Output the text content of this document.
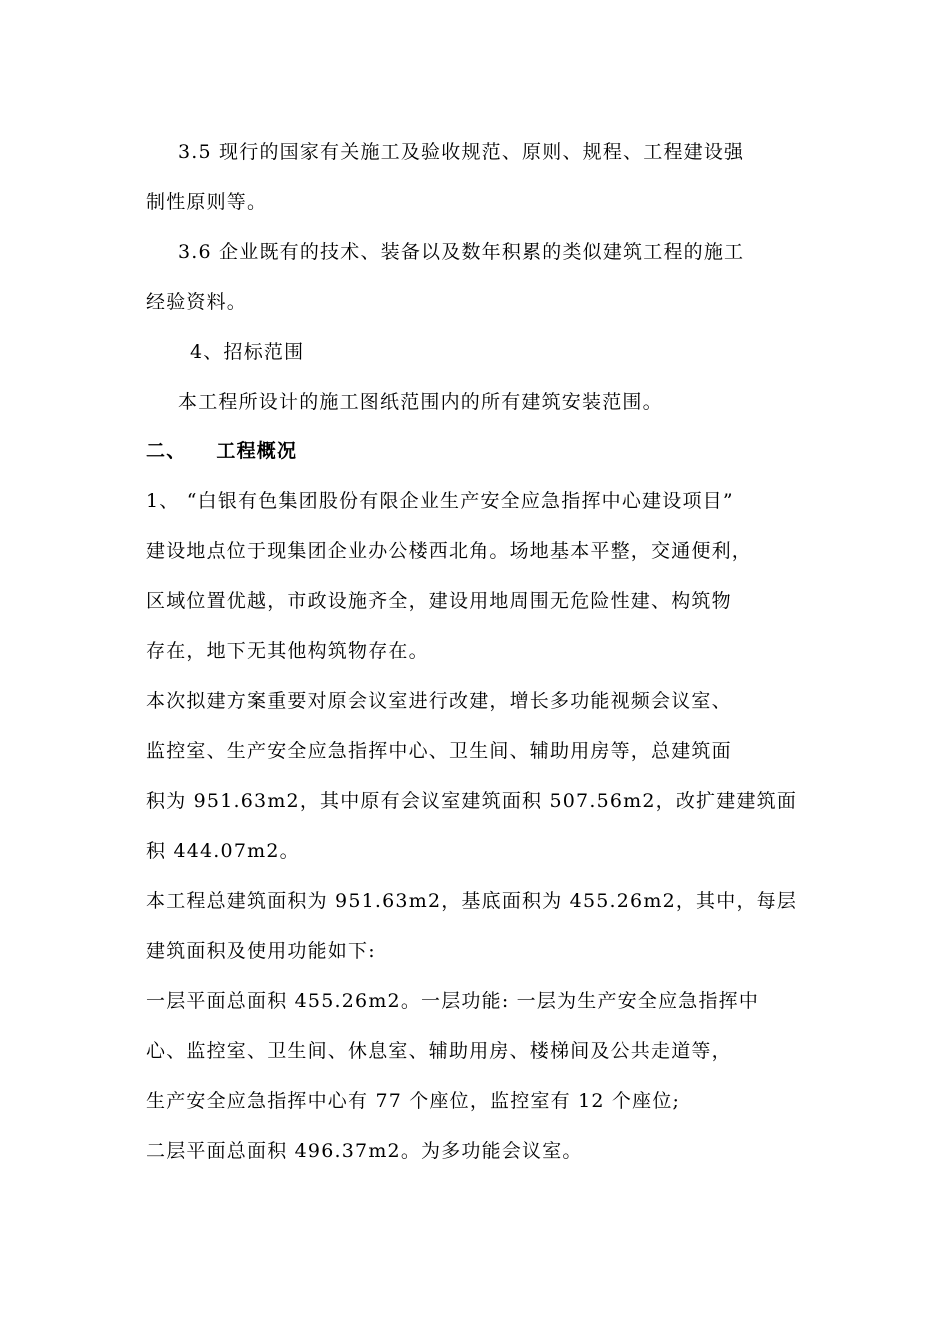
3.5 现行的国家有关施工及验收规范、原则、规程、工程建设强
制性原则等。
3.6 企业既有的技术、装备以及数年积累的类似建筑工程的施工
经验资料。
4、招标范围
本工程所设计的施工图纸范围内的所有建筑安装范围。
二、 工程概况
1、 “白银有色集团股份有限企业生产安全应急指挥中心建设项目”
建设地点位于现集团企业办公楼西北角。场地基本平整，交通便利，
区域位置优越，市政设施齐全，建设用地周围无危险性建、构筑物
存在，地下无其他构筑物存在。
本次拟建方案重要对原会议室进行改建，增长多功能视频会议室、
监控室、生产安全应急指挥中心、卫生间、辅助用房等，总建筑面
积为 951.63m2，其中原有会议室建筑面积 507.56m2，改扩建建筑面
积 444.07m2。
本工程总建筑面积为 951.63m2，基底面积为 455.26m2，其中，每层
建筑面积及使用功能如下:
一层平面总面积 455.26m2。一层功能: 一层为生产安全应急指挥中
心、监控室、卫生间、休息室、辅助用房、楼梯间及公共走道等，
生产安全应急指挥中心有 77 个座位，监控室有 12 个座位;
二层平面总面积 496.37m2。为多功能会议室。
